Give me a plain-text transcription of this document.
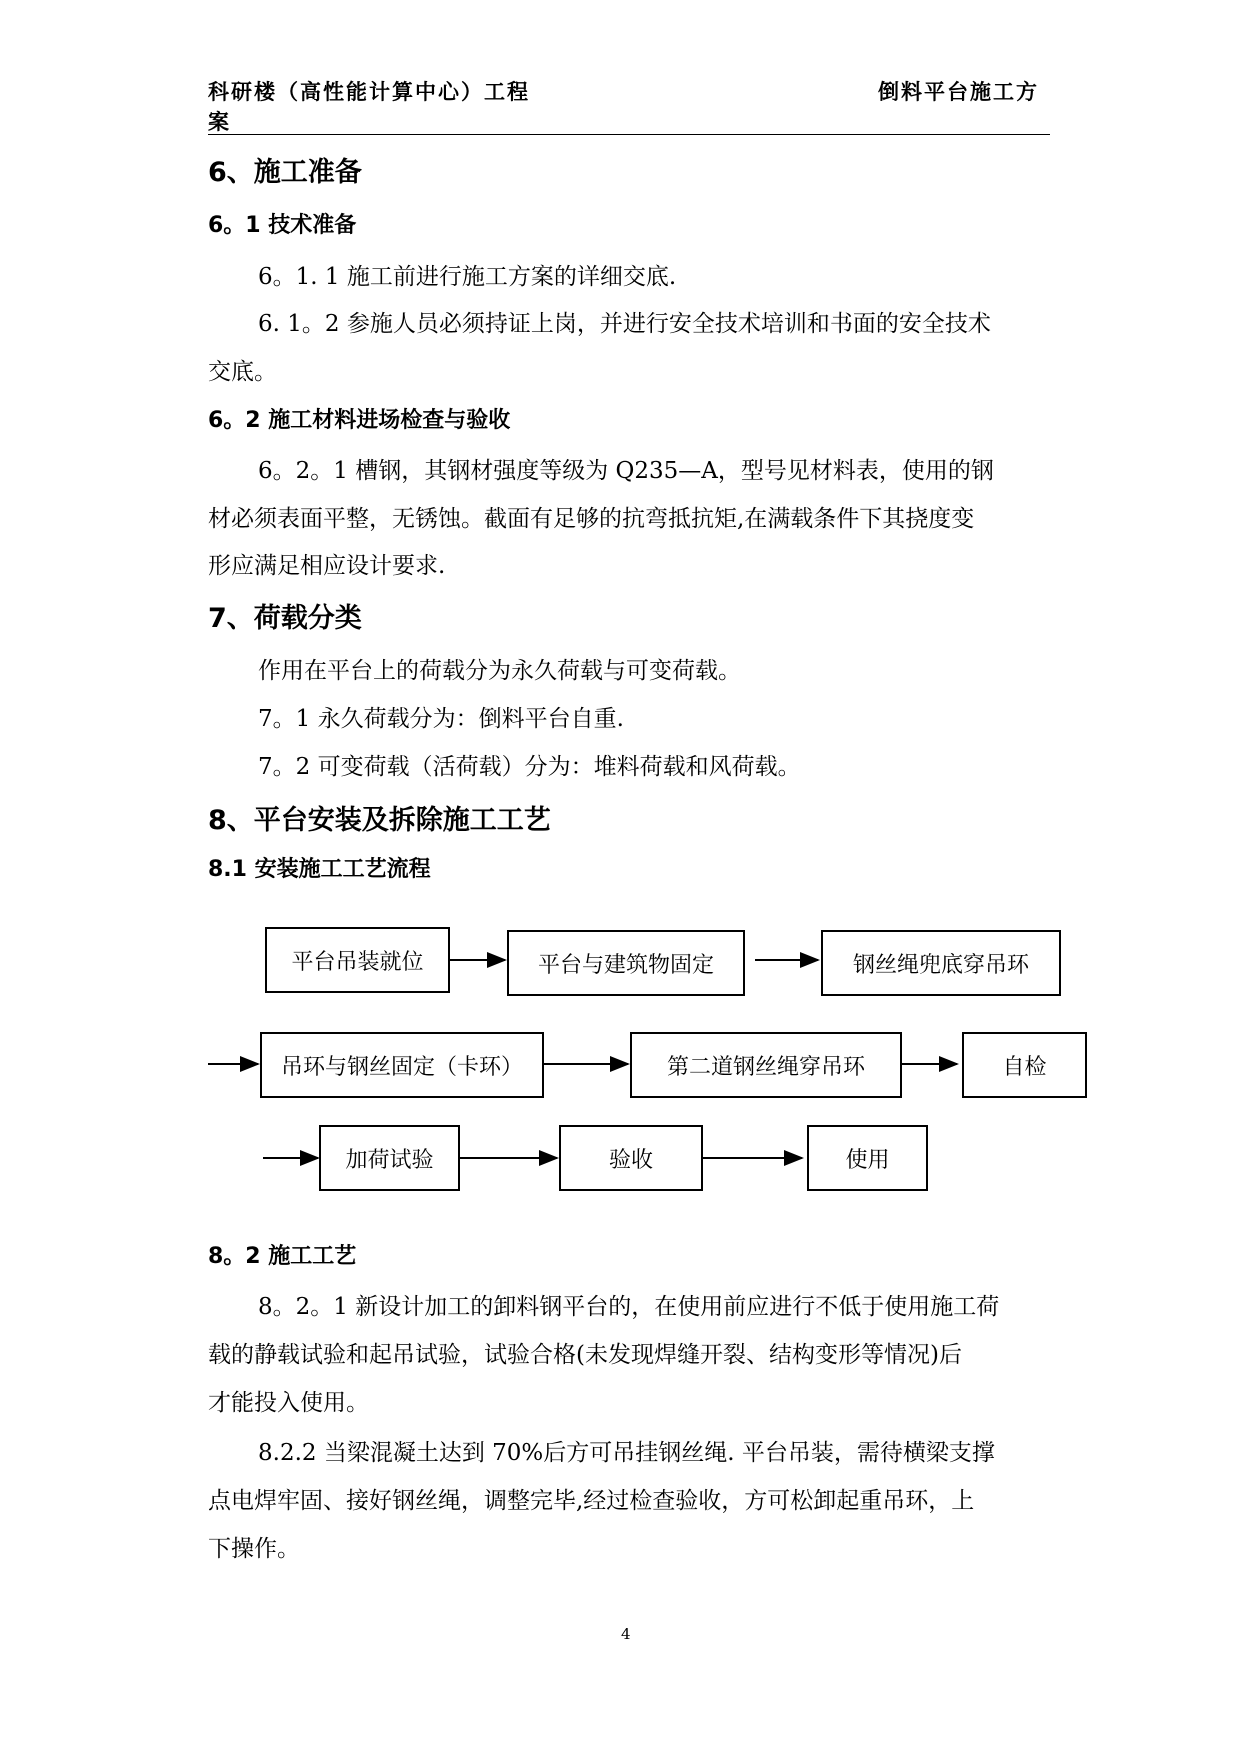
科研楼（高性能计算中心）工程
案
倒料平台施工方
6、施工准备
6。1 技术准备
6。1. 1 施工前进行施工方案的详细交底.
6. 1。2 参施人员必须持证上岗，并进行安全技术培训和书面的安全技术
交底。
6。2 施工材料进场检查与验收
6。2。1 槽钢，其钢材强度等级为 Q235—A，型号见材料表，使用的钢
材必须表面平整，无锈蚀。截面有足够的抗弯抵抗矩,在满载条件下其挠度变
形应满足相应设计要求.
7、荷载分类
作用在平台上的荷载分为永久荷载与可变荷载。
7。1 永久荷载分为：倒料平台自重.
7。2 可变荷载（活荷载）分为：堆料荷载和风荷载。
8、平台安装及拆除施工工艺
8.1 安装施工工艺流程
平台吊装就位	平台与建筑物固定	钢丝绳兜底穿吊环
吊环与钢丝固定（卡环）	第二道钢丝绳穿吊环	自检
加荷试验	验收	使用
8。2 施工工艺
8。2。1 新设计加工的卸料钢平台的，在使用前应进行不低于使用施工荷
载的静载试验和起吊试验，试验合格(未发现焊缝开裂、结构变形等情况)后
才能投入使用。
8.2.2 当梁混凝土达到 70%后方可吊挂钢丝绳. 平台吊装，需待横梁支撑
点电焊牢固、接好钢丝绳，调整完毕,经过检查验收，方可松卸起重吊环，上
下操作。
4
